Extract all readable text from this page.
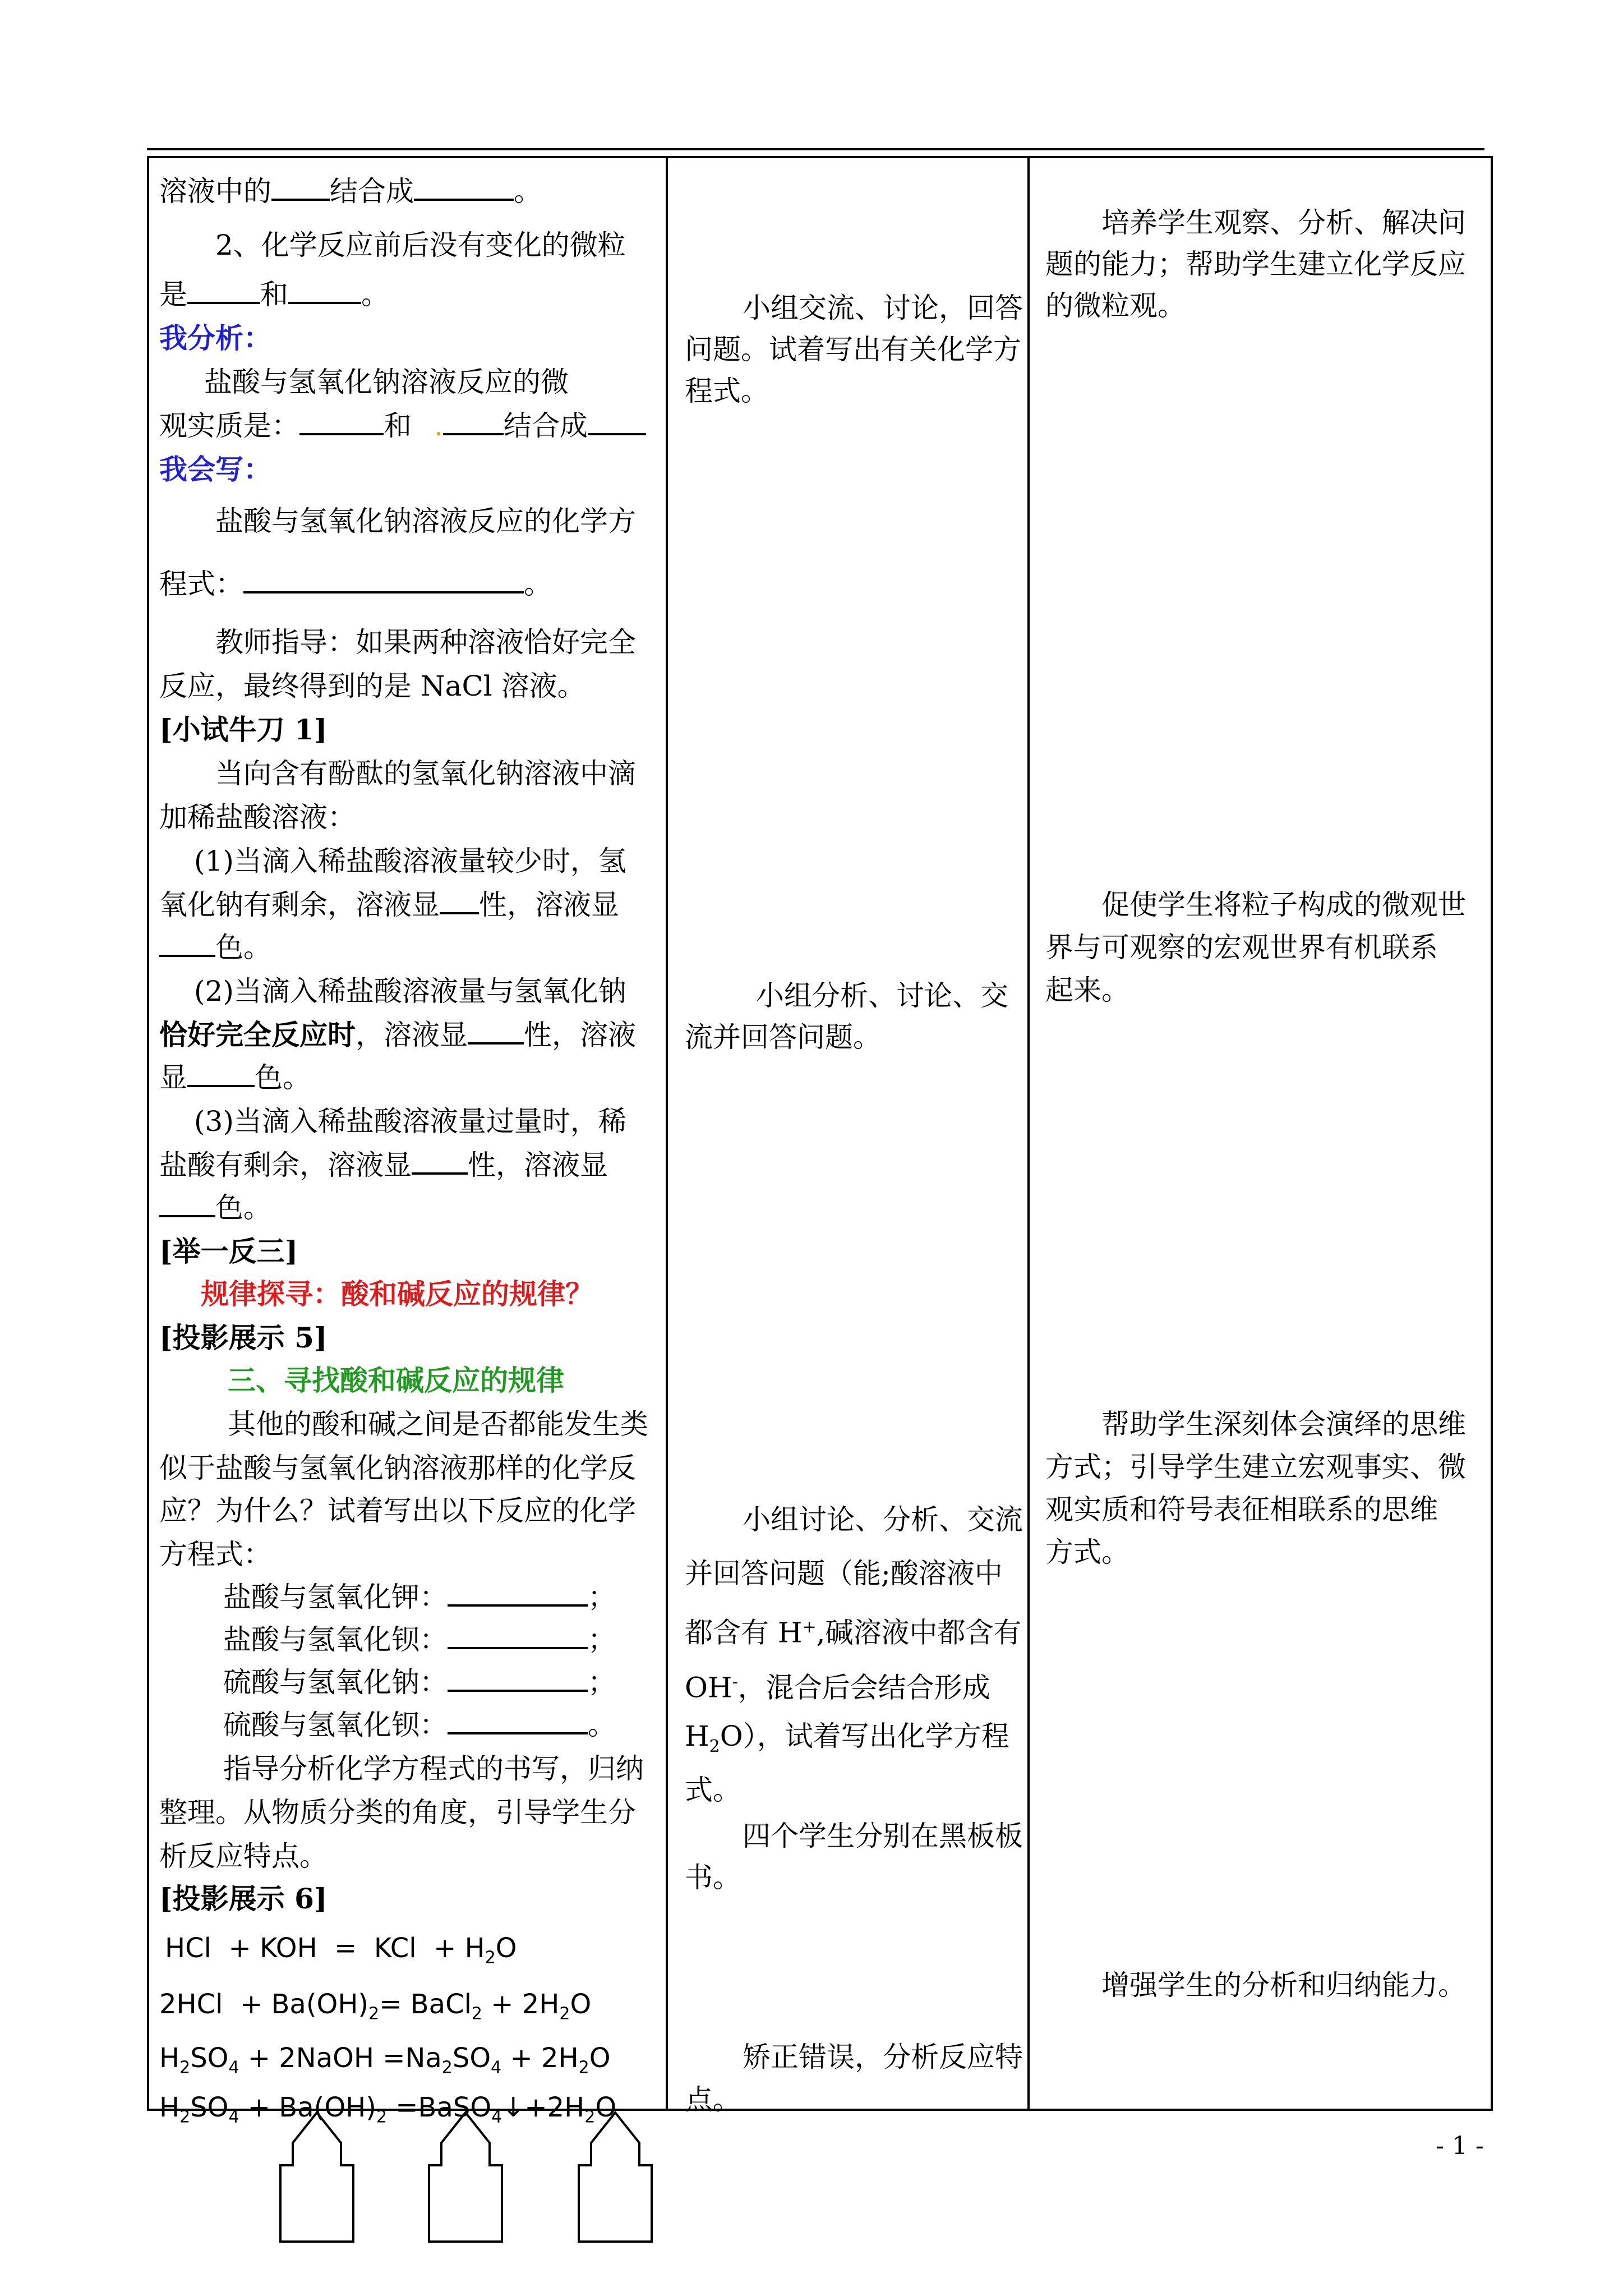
溶液中的 结合成	。
2、化学反应前后没有变化的微粒
是	和	。
我分析：
盐酸与氢氧化钠溶液反应的微
观实质是：	和 . 结合成
我会写：
盐酸与氢氧化钠溶液反应的化学方
程式：	。
教师指导：如果两种溶液恰好完全
反应，最终得到的是 NaCl 溶液。
[小试牛刀 1]
当向含有酚酞的氢氧化钠溶液中滴
加稀盐酸溶液：
(1)当滴入稀盐酸溶液量较少时，氢
氧化钠有剩余，溶液显 性，溶液显
色。
(2)当滴入稀盐酸溶液量与氢氧化钠
恰好完全反应时，溶液显 性，溶液
显 色。
(3)当滴入稀盐酸溶液量过量时，稀
盐酸有剩余，溶液显 性，溶液显
色。
[举一反三]
规律探寻：酸和碱反应的规律？
[投影展示 5]
三、寻找酸和碱反应的规律
其他的酸和碱之间是否都能发生类
似于盐酸与氢氧化钠溶液那样的化学反
应？为什么？试着写出以下反应的化学
方程式：
盐酸与氢氧化钾：	；
盐酸与氢氧化钡：	；
硫酸与氢氧化钠：	；
硫酸与氢氧化钡：	。
指导分析化学方程式的书写，归纳
整理。从物质分类的角度，引导学生分
析反应特点。
[投影展示 6]
HCl  + KOH  =  KCl  + $H_2O$
$2HCl + Ba(OH)_2=$ BaCl$_2$ + $2H_2O$
$H_2SO_4$ + 2NaOH $=Na_2SO_4 + 2H_2O$
$H_2SO_4 + Ba(OH)_2$ $=BaSO_4↓+2H_2O$
小组交流、讨论，回答
问题。试着写出有关化学方
程式。
小组分析、讨论、交
流并回答问题。
小组讨论、分析、交流
并回答问题（能;酸溶液中
都含有 H+,碱溶液中都含有
OH-，混合后会结合形成
$H_2O$），试着写出化学方程
式。
四个学生分别在黑板板
书。
矫正错误，分析反应特
点。
培养学生观察、分析、解决问
题的能力；帮助学生建立化学反应
的微粒观。
促使学生将粒子构成的微观世
界与可观察的宏观世界有机联系
起来。
帮助学生深刻体会演绎的思维
方式；引导学生建立宏观事实、微
观实质和符号表征相联系的思维
方式。
增强学生的分析和归纳能力。
- 1 -
